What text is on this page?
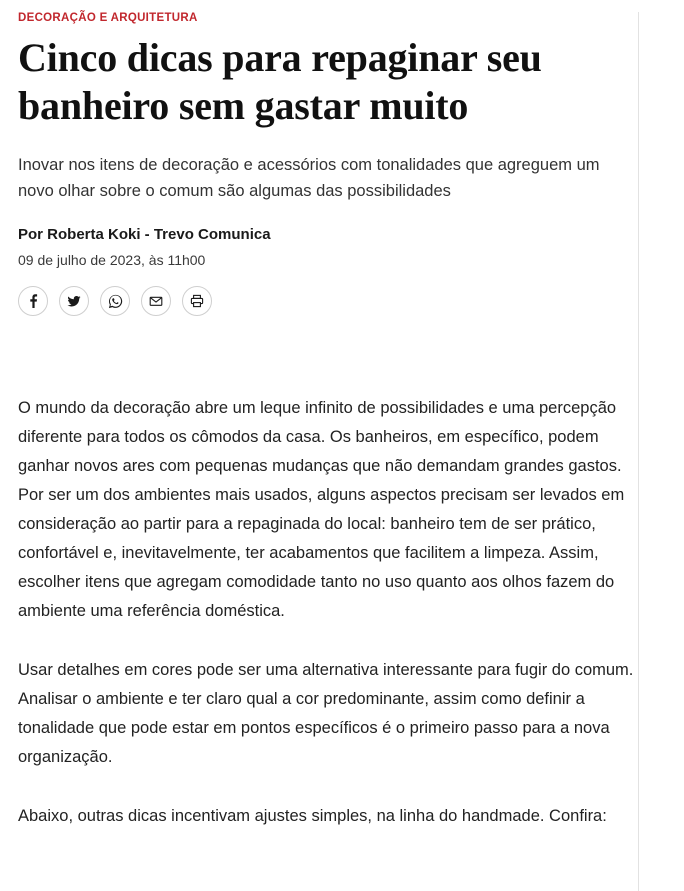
DECORAÇÃO E ARQUITETURA
Cinco dicas para repaginar seu banheiro sem gastar muito
Inovar nos itens de decoração e acessórios com tonalidades que agreguem um novo olhar sobre o comum são algumas das possibilidades
Por Roberta Koki - Trevo Comunica
09 de julho de 2023, às 11h00

O mundo da decoração abre um leque infinito de possibilidades e uma percepção diferente para todos os cômodos da casa. Os banheiros, em específico, podem ganhar novos ares com pequenas mudanças que não demandam grandes gastos. Por ser um dos ambientes mais usados, alguns aspectos precisam ser levados em consideração ao partir para a repaginada do local: banheiro tem de ser prático, confortável e, inevitavelmente, ter acabamentos que facilitem a limpeza. Assim, escolher itens que agregam comodidade tanto no uso quanto aos olhos fazem do ambiente uma referência doméstica.

Usar detalhes em cores pode ser uma alternativa interessante para fugir do comum. Analisar o ambiente e ter claro qual a cor predominante, assim como definir a tonalidade que pode estar em pontos específicos é o primeiro passo para a nova organização.

Abaixo, outras dicas incentivam ajustes simples, na linha do handmade. Confira:
